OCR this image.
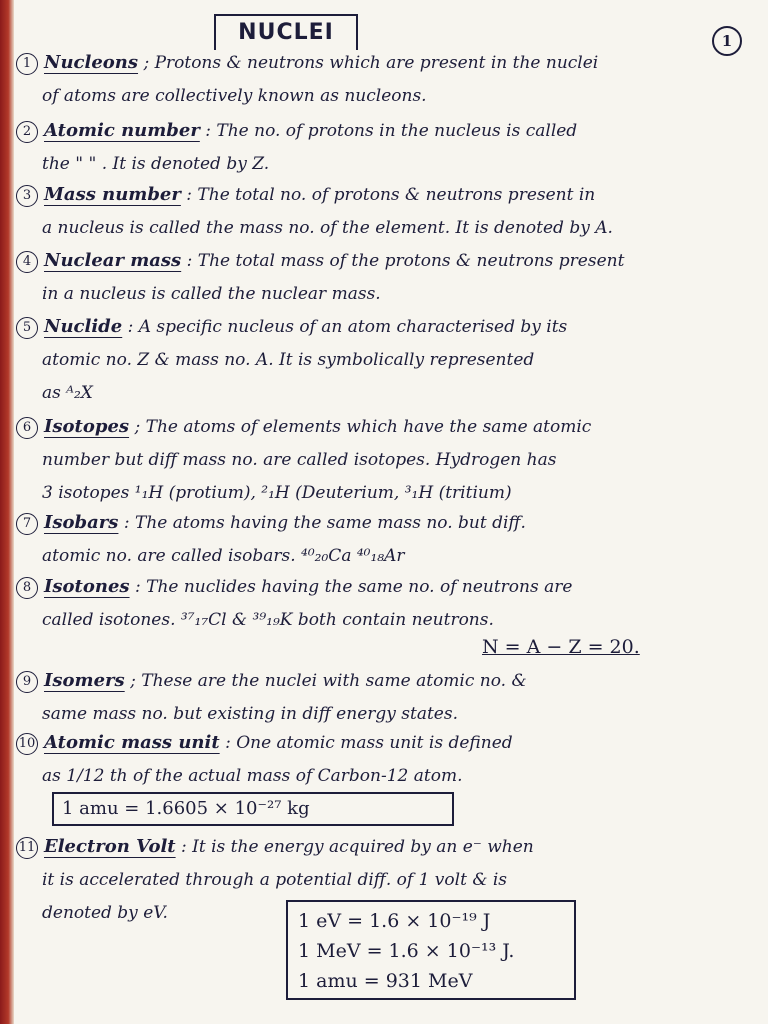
NUCLEI	1
1 Nucleons ; Protons & neutrons which are present in the nuclei
of atoms are collectively known as nucleons.
2 Atomic number : The no. of protons in the nucleus is called
the " " . It is denoted by Z.
3 Mass number : The total no. of protons & neutrons present in
a nucleus is called the mass no. of the element. It is denoted by A.
4 Nuclear mass : The total mass of the protons & neutrons present
in a nucleus is called the nuclear mass.
5 Nuclide : A specific nucleus of an atom characterised by its
atomic no. Z & mass no. A. It is symbolically represented
as ᴬ₂X
6 Isotopes ; The atoms of elements which have the same atomic
number but diff mass no. are called isotopes. Hydrogen has
3 isotopes ¹₁H (protium), ²₁H (Deuterium, ³₁H (tritium)
7 Isobars : The atoms having the same mass no. but diff.
atomic no. are called isobars. ⁴⁰₂₀Ca ⁴⁰₁₈Ar
8 Isotones : The nuclides having the same no. of neutrons are
called isotones. ³⁷₁₇Cl & ³⁹₁₉K both contain neutrons.
N = A − Z = 20.
9 Isomers ; These are the nuclei with same atomic no. &
same mass no. but existing in diff energy states.
10 Atomic mass unit : One atomic mass unit is defined
as 1/12 th of the actual mass of Carbon-12 atom.
1 amu = 1.6605 × 10⁻²⁷ kg
11 Electron Volt : It is the energy acquired by an e⁻ when
it is accelerated through a potential diff. of 1 volt & is
denoted by eV.	1 eV = 1.6 × 10⁻¹⁹ J
1 MeV = 1.6 × 10⁻¹³ J.
1 amu = 931 MeV
